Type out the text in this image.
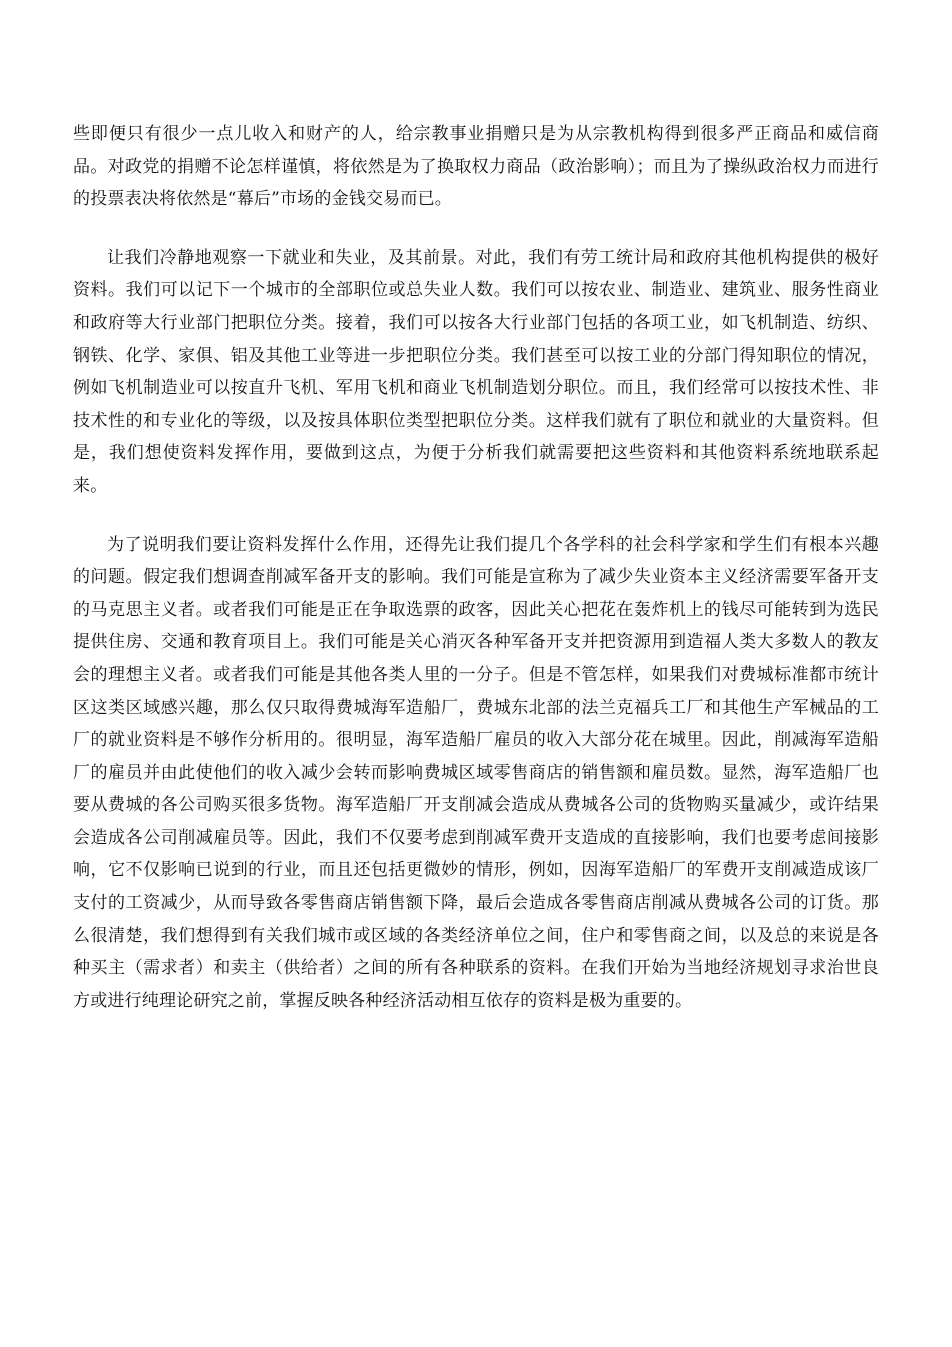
些即便只有很少一点儿收入和财产的人，给宗教事业捐赠只是为从宗教机构得到很多严正商品和威信商品。对政党的捐赠不论怎样谨慎，将依然是为了换取权力商品（政治影响）；而且为了操纵政治权力而进行的投票表决将依然是“幕后”市场的金钱交易而已。

让我们冷静地观察一下就业和失业，及其前景。对此，我们有劳工统计局和政府其他机构提供的极好资料。我们可以记下一个城市的全部职位或总失业人数。我们可以按农业、制造业、建筑业、服务性商业和政府等大行业部门把职位分类。接着，我们可以按各大行业部门包括的各项工业，如飞机制造、纺织、钢铁、化学、家俱、铝及其他工业等进一步把职位分类。我们甚至可以按工业的分部门得知职位的情况，例如飞机制造业可以按直升飞机、军用飞机和商业飞机制造划分职位。而且，我们经常可以按技术性、非技术性的和专业化的等级，以及按具体职位类型把职位分类。这样我们就有了职位和就业的大量资料。但是，我们想使资料发挥作用，要做到这点，为便于分析我们就需要把这些资料和其他资料系统地联系起来。

为了说明我们要让资料发挥什么作用，还得先让我们提几个各学科的社会科学家和学生们有根本兴趣的问题。假定我们想调查削减军备开支的影响。我们可能是宣称为了减少失业资本主义经济需要军备开支的马克思主义者。或者我们可能是正在争取选票的政客，因此关心把花在轰炸机上的钱尽可能转到为选民提供住房、交通和教育项目上。我们可能是关心消灭各种军备开支并把资源用到造福人类大多数人的教友会的理想主义者。或者我们可能是其他各类人里的一分子。但是不管怎样，如果我们对费城标准都市统计区这类区域感兴趣，那么仅只取得费城海军造船厂，费城东北部的法兰克福兵工厂和其他生产军械品的工厂的就业资料是不够作分析用的。很明显，海军造船厂雇员的收入大部分花在城里。因此，削减海军造船厂的雇员并由此使他们的收入减少会转而影响费城区域零售商店的销售额和雇员数。显然，海军造船厂也要从费城的各公司购买很多货物。海军造船厂开支削减会造成从费城各公司的货物购买量减少，或许结果会造成各公司削减雇员等。因此，我们不仅要考虑到削减军费开支造成的直接影响，我们也要考虑间接影响，它不仅影响已说到的行业，而且还包括更微妙的情形，例如，因海军造船厂的军费开支削减造成该厂支付的工资减少，从而导致各零售商店销售额下降，最后会造成各零售商店削减从费城各公司的订货。那么很清楚，我们想得到有关我们城市或区域的各类经济单位之间，住户和零售商之间，以及总的来说是各种买主（需求者）和卖主（供给者）之间的所有各种联系的资料。在我们开始为当地经济规划寻求治世良方或进行纯理论研究之前，掌握反映各种经济活动相互依存的资料是极为重要的。
